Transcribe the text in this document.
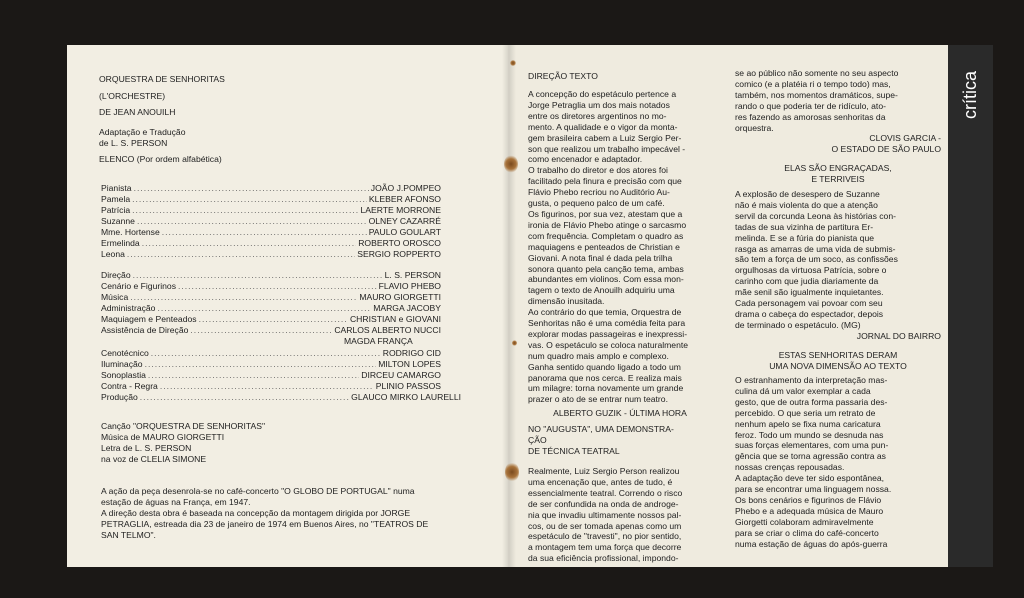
ORQUESTRA DE SENHORITAS
(L'ORCHESTRE)
DE JEAN ANOUILH
Adaptação e Tradução
de L. S. PERSON
ELENCO (Por ordem alfabética)
Pianista .....	JOÃO J.POMPEO
Pamela .....	KLEBER AFONSO
Patrícia .....	LAERTE MORRONE
Suzanne .....	OLNEY CAZARRÉ
Mme. Hortense .....	PAULO GOULART
Ermelinda .....	ROBERTO OROSCO
Leona .....	SERGIO ROPPERTO
Direção .....	L. S. PERSON
Cenário e Figurinos .....	FLAVIO PHEBO
Música .....	MAURO GIORGETTI
Administração .....	MARGA JACOBY
Maquiagem e Penteados .....	CHRISTIAN e GIOVANI
Assistência de Direção .....	CARLOS ALBERTO NUCCI
MAGDA FRANÇA
Cenotécnico .....	RODRIGO CID
Iluminação .....	MILTON LOPES
Sonoplastia .....	DIRCEU CAMARGO
Contra - Regra .....	PLINIO PASSOS
Produção .....	GLAUCO MIRKO LAURELLI

Canção "ORQUESTRA DE SENHORITAS"

Música de MAURO GIORGETTI

Letra de L. S. PERSON

na voz de CLELIA SIMONE

A ação da peça desenrola-se no café-concerto "O GLOBO DE PORTUGAL" numa

estação de águas na França, em 1947.

A direção desta obra é baseada na concepção da montagem dirigida por JORGE

PETRAGLIA, estreada dia 23 de janeiro de 1974 em Buenos Aires, no "TEATROS DE

SAN TELMO".

DIREÇÃO TEXTO

A concepção do espetáculo pertence a

Jorge Petraglia um dos mais notados

entre os diretores argentinos no mo-

mento. A qualidade e o vigor da monta-

gem brasileira cabem a Luiz Sergio Per-

son que realizou um trabalho impecável -

como encenador e adaptador.

O trabalho do diretor e dos atores foi

facilitado pela finura e precisão com que

Flávio Phebo recriou no Auditório Au-

gusta, o pequeno palco de um café.

Os figurinos, por sua vez, atestam que a

ironia de Flávio Phebo atinge o sarcasmo

com frequência. Completam o quadro as

maquiagens e penteados de Christian e

Giovani. A nota final é dada pela trilha

sonora quanto pela canção tema, ambas

abundantes em violinos. Com essa mon-

tagem o texto de Anouilh adquiriu uma

dimensão inusitada.

Ao contrário do que temia, Orquestra de

Senhoritas não é uma comédia feita para

explorar modas passageiras e inexpressi-

vas. O espetáculo se coloca naturalmente

num quadro mais amplo e complexo.

Ganha sentido quando ligado a todo um

panorama que nos cerca. E realiza mais

um milagre: torna novamente um grande

prazer o ato de se entrar num teatro.

ALBERTO GUZIK - ÚLTIMA HORA

NO "AUGUSTA", UMA DEMONSTRA-

ÇÃO

DE TÉCNICA TEATRAL

Realmente, Luiz Sergio Person realizou

uma encenação que, antes de tudo, é

essencialmente teatral. Correndo o risco

de ser confundida na onda de androge-

nia que invadiu ultimamente nossos pal-

cos, ou de ser tomada apenas como um

espetáculo de "travesti", no pior sentido,

a montagem tem uma força que decorre

da sua eficiência profissional, impondo-

se ao público não somente no seu aspecto

comico (e a platéia ri o tempo todo) mas,

também, nos momentos dramáticos, supe-

rando o que poderia ter de ridículo, ato-

res fazendo as amorosas senhoritas da

orquestra.

CLOVIS GARCIA -

O ESTADO DE SÃO PAULO

ELAS SÃO ENGRAÇADAS,

E TERRIVEIS

A explosão de desespero de Suzanne

não é mais violenta do que a atenção

servil da corcunda Leona às histórias con-

tadas de sua vizinha de partitura Er-

melinda. E se a fúria do pianista que

rasga as amarras de uma vida de submis-

são tem a força de um soco, as confissões

orgulhosas da virtuosa Patrícia, sobre o

carinho com que judia diariamente da

mãe senil são igualmente inquietantes.

Cada personagem vai povoar com seu

drama o cabeça do espectador, depois

de terminado o espetáculo. (MG)

JORNAL DO BAIRRO

ESTAS SENHORITAS DERAM

UMA NOVA DIMENSÃO AO TEXTO

O estranhamento da interpretação mas-

culina dá um valor exemplar a cada

gesto, que de outra forma passaria des-

percebido. O que seria um retrato de

nenhum apelo se fixa numa caricatura

feroz. Todo um mundo se desnuda nas

suas forças elementares, com uma pun-

gência que se torna agressão contra as

nossas crenças repousadas.

A adaptação deve ter sido espontânea,

para se encontrar uma linguagem nossa.

Os bons cenários e figurinos de Flávio

Phebo e a adequada música de Mauro

Giorgetti colaboram admiravelmente

para se criar o clima do café-concerto

numa estação de águas do após-guerra

crítica
